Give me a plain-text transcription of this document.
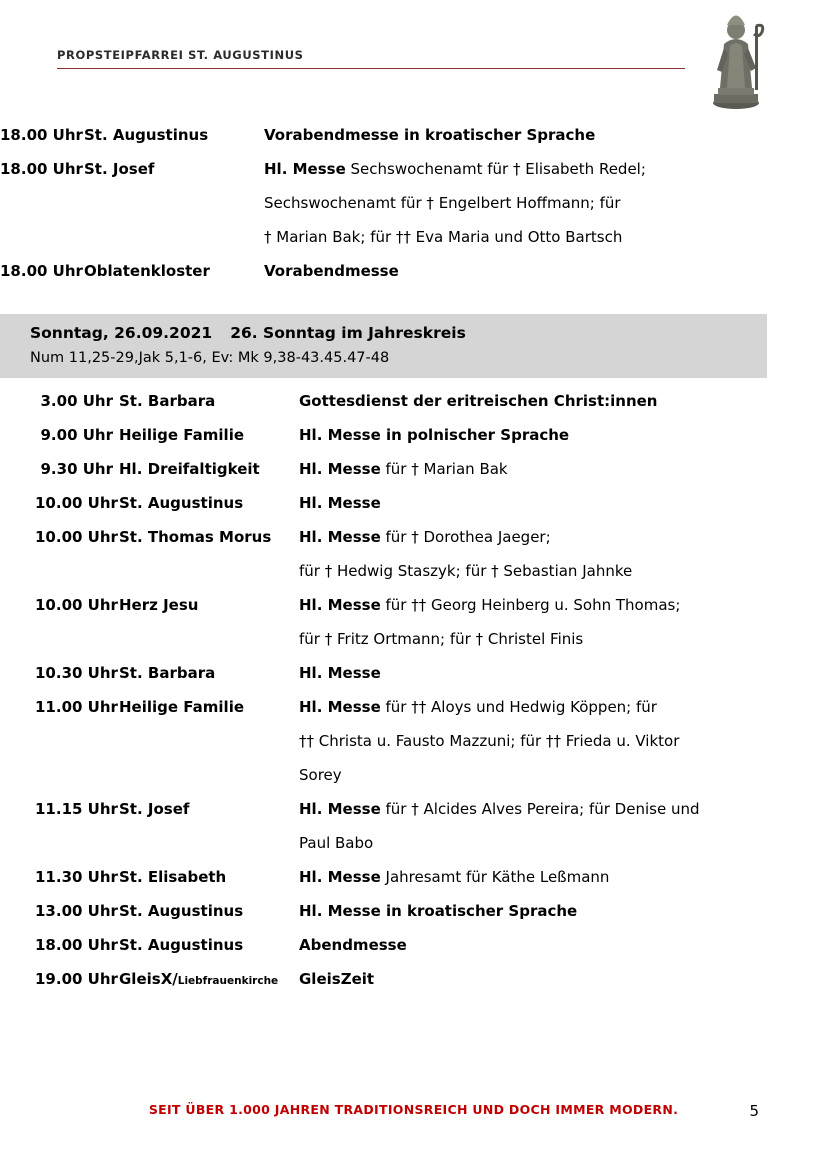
PROPSTEIPFARREI ST. AUGUSTINUS
18.00 Uhr St. Augustinus	Vorabendmesse in kroatischer Sprache
18.00 Uhr St. Josef	Hl. Messe Sechswochenamt für † Elisabeth Redel;
Sechswochenamt für † Engelbert Hoffmann; für
† Marian Bak; für †† Eva Maria und Otto Bartsch
18.00 Uhr Oblatenkloster	Vorabendmesse
Sonntag, 26.09.2021 26. Sonntag im Jahreskreis
Num 11,25-29,Jak 5,1-6, Ev: Mk 9,38-43.45.47-48
3.00 Uhr St. Barbara	Gottesdienst der eritreischen Christ:innen
9.00 Uhr Heilige Familie	Hl. Messe in polnischer Sprache
9.30 Uhr Hl. Dreifaltigkeit	Hl. Messe für † Marian Bak
10.00 Uhr St. Augustinus	Hl. Messe
10.00 Uhr St. Thomas Morus	Hl. Messe für † Dorothea Jaeger;
für † Hedwig Staszyk; für † Sebastian Jahnke
10.00 Uhr Herz Jesu	Hl. Messe für †† Georg Heinberg u. Sohn Thomas;
für † Fritz Ortmann; für † Christel Finis
10.30 Uhr St. Barbara	Hl. Messe
11.00 Uhr Heilige Familie	Hl. Messe für †† Aloys und Hedwig Köppen; für
†† Christa u. Fausto Mazzuni; für †† Frieda u. Viktor
Sorey
11.15 Uhr St. Josef	Hl. Messe für † Alcides Alves Pereira; für Denise und
Paul Babo
11.30 Uhr St. Elisabeth	Hl. Messe Jahresamt für Käthe Leßmann
13.00 Uhr St. Augustinus	Hl. Messe in kroatischer Sprache
18.00 Uhr St. Augustinus	Abendmesse
19.00 Uhr GleisX/Liebfrauenkirche	GleisZeit
SEIT ÜBER 1.000 JAHREN TRADITIONSREICH UND DOCH IMMER MODERN.	5
